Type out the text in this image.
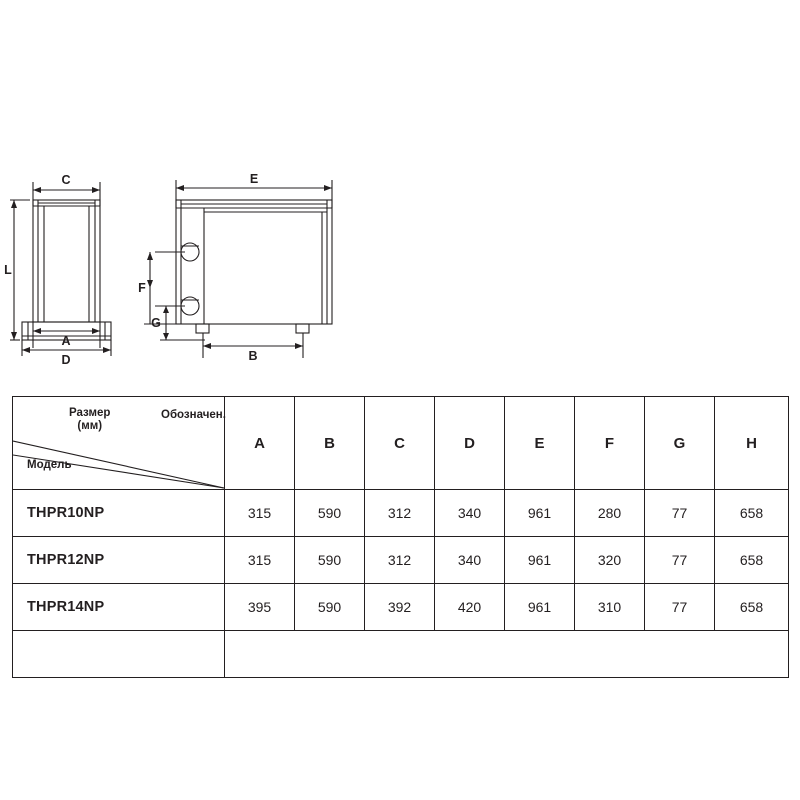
C
L
A
D
E
B
F
G
Размер
(мм)
Обозначен.
Модель	A	B	C	D	E	F	G	H
THPR10NP	315	590	312	340	961	280	77	658
THPR12NP	315	590	312	340	961	320	77	658
THPR14NP	395	590	392	420	961	310	77	658
